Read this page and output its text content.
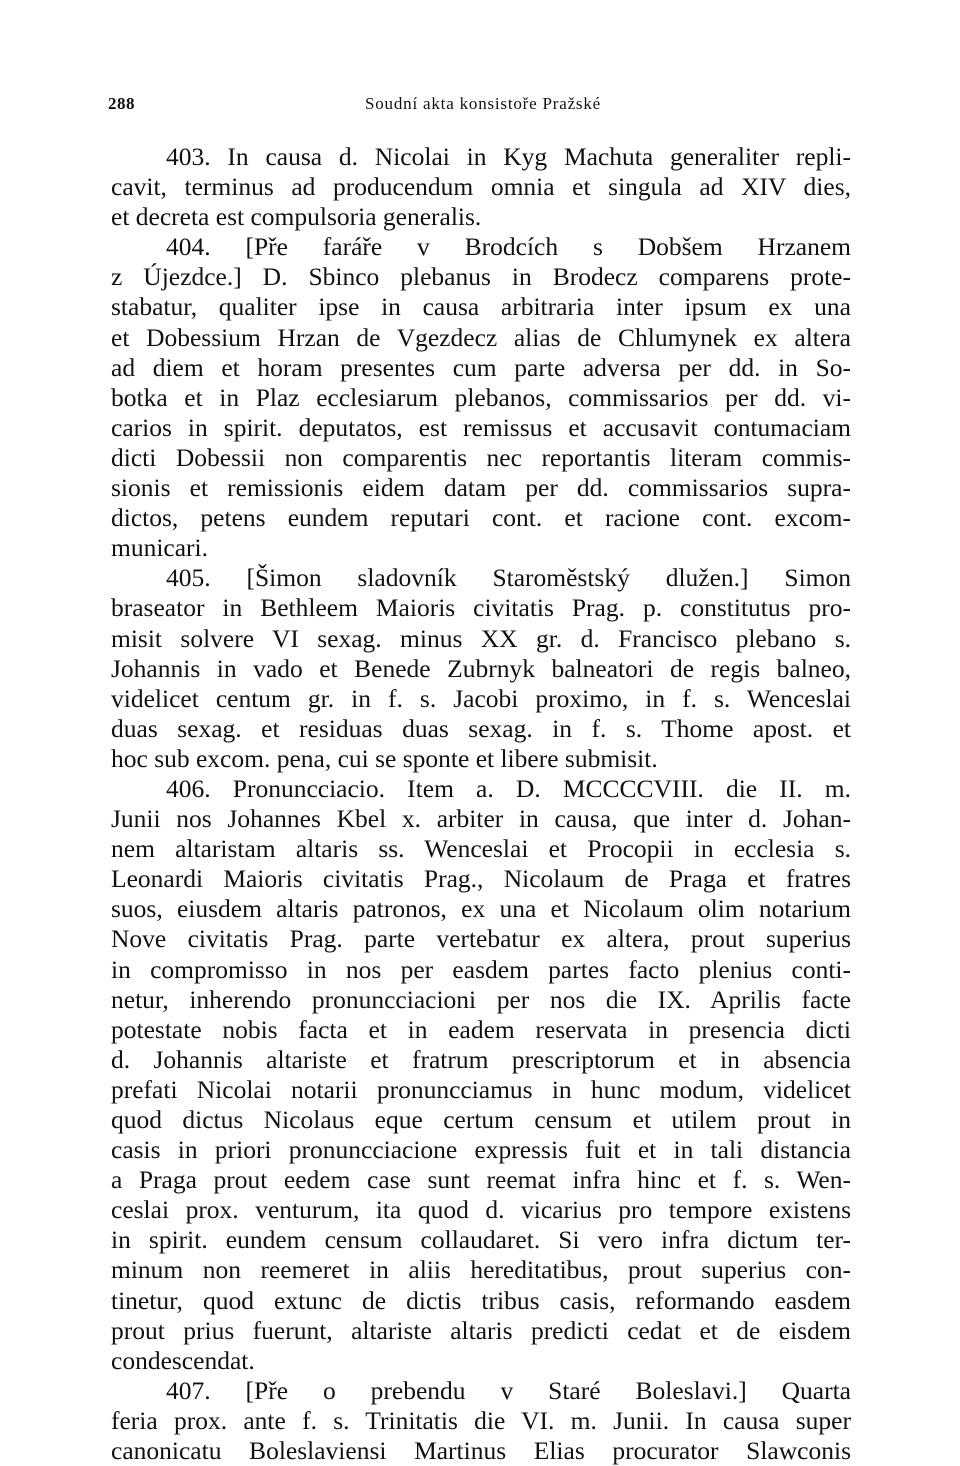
288	Soudní akta konsistoře Pražské
403. In causa d. Nicolai in Kyg Machuta generaliter repli-
cavit, terminus ad producendum omnia et singula ad XIV dies,
et decreta est compulsoria generalis.
404. [Pře faráře v Brodcích s Dobšem Hrzanem
z Újezdce.] D. Sbinco plebanus in Brodecz comparens prote-
stabatur, qualiter ipse in causa arbitraria inter ipsum ex una
et Dobessium Hrzan de Vgezdecz alias de Chlumynek ex altera
ad diem et horam presentes cum parte adversa per dd. in So-
botka et in Plaz ecclesiarum plebanos, commissarios per dd. vi-
carios in spirit. deputatos, est remissus et accusavit contumaciam
dicti Dobessii non comparentis nec reportantis literam commis-
sionis et remissionis eidem datam per dd. commissarios supra-
dictos, petens eundem reputari cont. et racione cont. excom-
municari.
405. [Šimon sladovník Staroměstský dlužen.] Simon
braseator in Bethleem Maioris civitatis Prag. p. constitutus pro-
misit solvere VI sexag. minus XX gr. d. Francisco plebano s.
Johannis in vado et Benede Zubrnyk balneatori de regis balneo,
videlicet centum gr. in f. s. Jacobi proximo, in f. s. Wenceslai
duas sexag. et residuas duas sexag. in f. s. Thome apost. et
hoc sub excom. pena, cui se sponte et libere submisit.
406. Pronuncciacio. Item a. D. MCCCCVIII. die II. m.
Junii nos Johannes Kbel x. arbiter in causa, que inter d. Johan-
nem altaristam altaris ss. Wenceslai et Procopii in ecclesia s.
Leonardi Maioris civitatis Prag., Nicolaum de Praga et fratres
suos, eiusdem altaris patronos, ex una et Nicolaum olim notarium
Nove civitatis Prag. parte vertebatur ex altera, prout superius
in compromisso in nos per easdem partes facto plenius conti-
netur, inherendo pronuncciacioni per nos die IX. Aprilis facte
potestate nobis facta et in eadem reservata in presencia dicti
d. Johannis altariste et fratrum prescriptorum et in absencia
prefati Nicolai notarii pronuncciamus in hunc modum, videlicet
quod dictus Nicolaus eque certum censum et utilem prout in
casis in priori pronuncciacione expressis fuit et in tali distancia
a Praga prout eedem case sunt reemat infra hinc et f. s. Wen-
ceslai prox. venturum, ita quod d. vicarius pro tempore existens
in spirit. eundem censum collaudaret. Si vero infra dictum ter-
minum non reemeret in aliis hereditatibus, prout superius con-
tinetur, quod extunc de dictis tribus casis, reformando easdem
prout prius fuerunt, altariste altaris predicti cedat et de eisdem
condescendat.
407. [Pře o prebendu v Staré Boleslavi.] Quarta
feria prox. ante f. s. Trinitatis die VI. m. Junii. In causa super
canonicatu Boleslaviensi Martinus Elias procurator Slawconis
